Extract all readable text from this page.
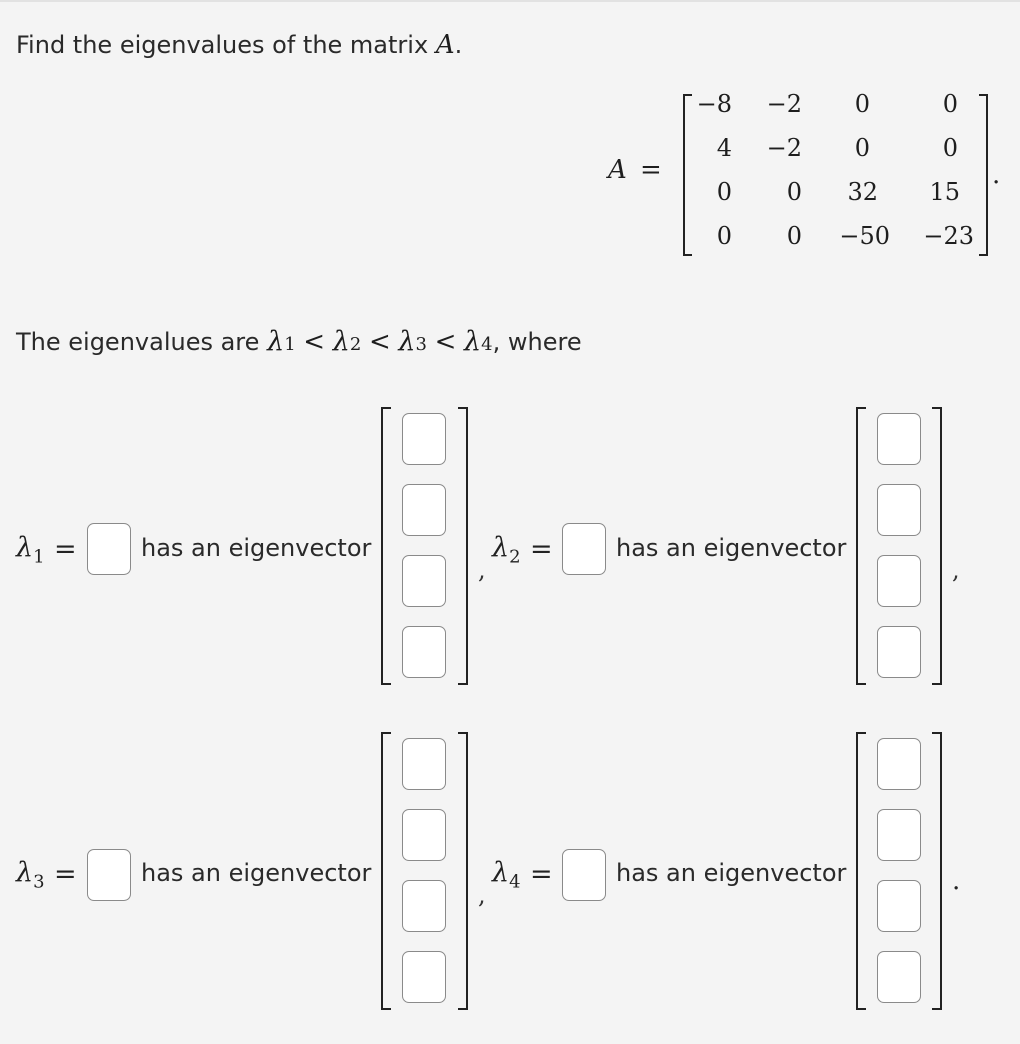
Find the eigenvalues of the matrix A.
A =
−8	−2	0	0
4	−2	0	0
0	0	32	15
0	0	−50	−23
.
The eigenvalues are λ1 < λ2 < λ3 < λ4, where
$\lambda_1$ =	has an eigenvector
,
$\lambda_2$ =	has an eigenvector
,
$\lambda_3$ =	has an eigenvector
,
$\lambda_4$ =	has an eigenvector	.
